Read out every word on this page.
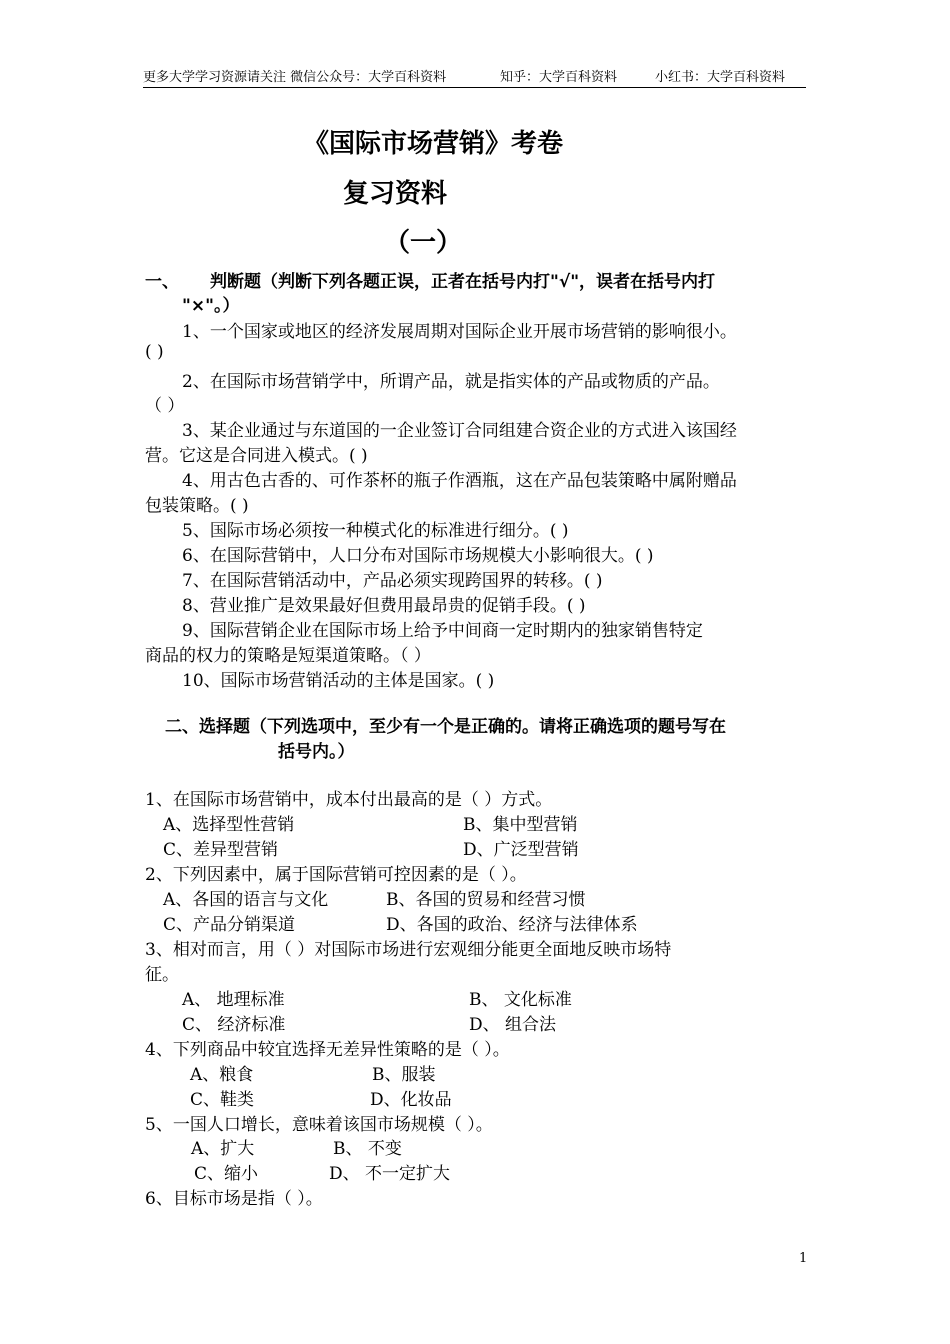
更多大学学习资源请关注 微信公众号：大学百科资料	知乎：大学百科资料	小红书：大学百科资料
《国际市场营销》考卷
复习资料
（一）
一、 判断题（判断下列各题正误，正者在括号内打"√"，误者在括号内打
"×"。）
1、一个国家或地区的经济发展周期对国际企业开展市场营销的影响很小。
( )
2、在国际市场营销学中，所谓产品，就是指实体的产品或物质的产品。
（ ）
3、某企业通过与东道国的一企业签订合同组建合资企业的方式进入该国经
营。它这是合同进入模式。( )
4、用古色古香的、可作茶杯的瓶子作酒瓶，这在产品包装策略中属附赠品
包装策略。( )
5、国际市场必须按一种模式化的标准进行细分。( )
6、在国际营销中，人口分布对国际市场规模大小影响很大。( )
7、在国际营销活动中，产品必须实现跨国界的转移。( )
8、营业推广是效果最好但费用最昂贵的促销手段。( )
9、国际营销企业在国际市场上给予中间商一定时期内的独家销售特定
商品的权力的策略是短渠道策略。（ ）
10、国际市场营销活动的主体是国家。( )
二、选择题（下列选项中，至少有一个是正确的。请将正确选项的题号写在
括号内。）
1、在国际市场营销中，成本付出最高的是（ ）方式。
A、选择型性营销	B、集中型营销
C、差异型营销	D、广泛型营销
2、下列因素中，属于国际营销可控因素的是（ ）。
A、各国的语言与文化	B、各国的贸易和经营习惯
C、产品分销渠道	D、各国的政治、经济与法律体系
3、相对而言，用（ ）对国际市场进行宏观细分能更全面地反映市场特
征。
A、 地理标准	B、 文化标准
C、 经济标准	D、 组合法
4、下列商品中较宜选择无差异性策略的是（ ）。
A、粮食	B、服装
C、鞋类	D、化妆品
5、一国人口增长，意味着该国市场规模（ ）。
A、扩大	B、 不变
C、缩小	D、 不一定扩大
6、目标市场是指（ ）。
1
